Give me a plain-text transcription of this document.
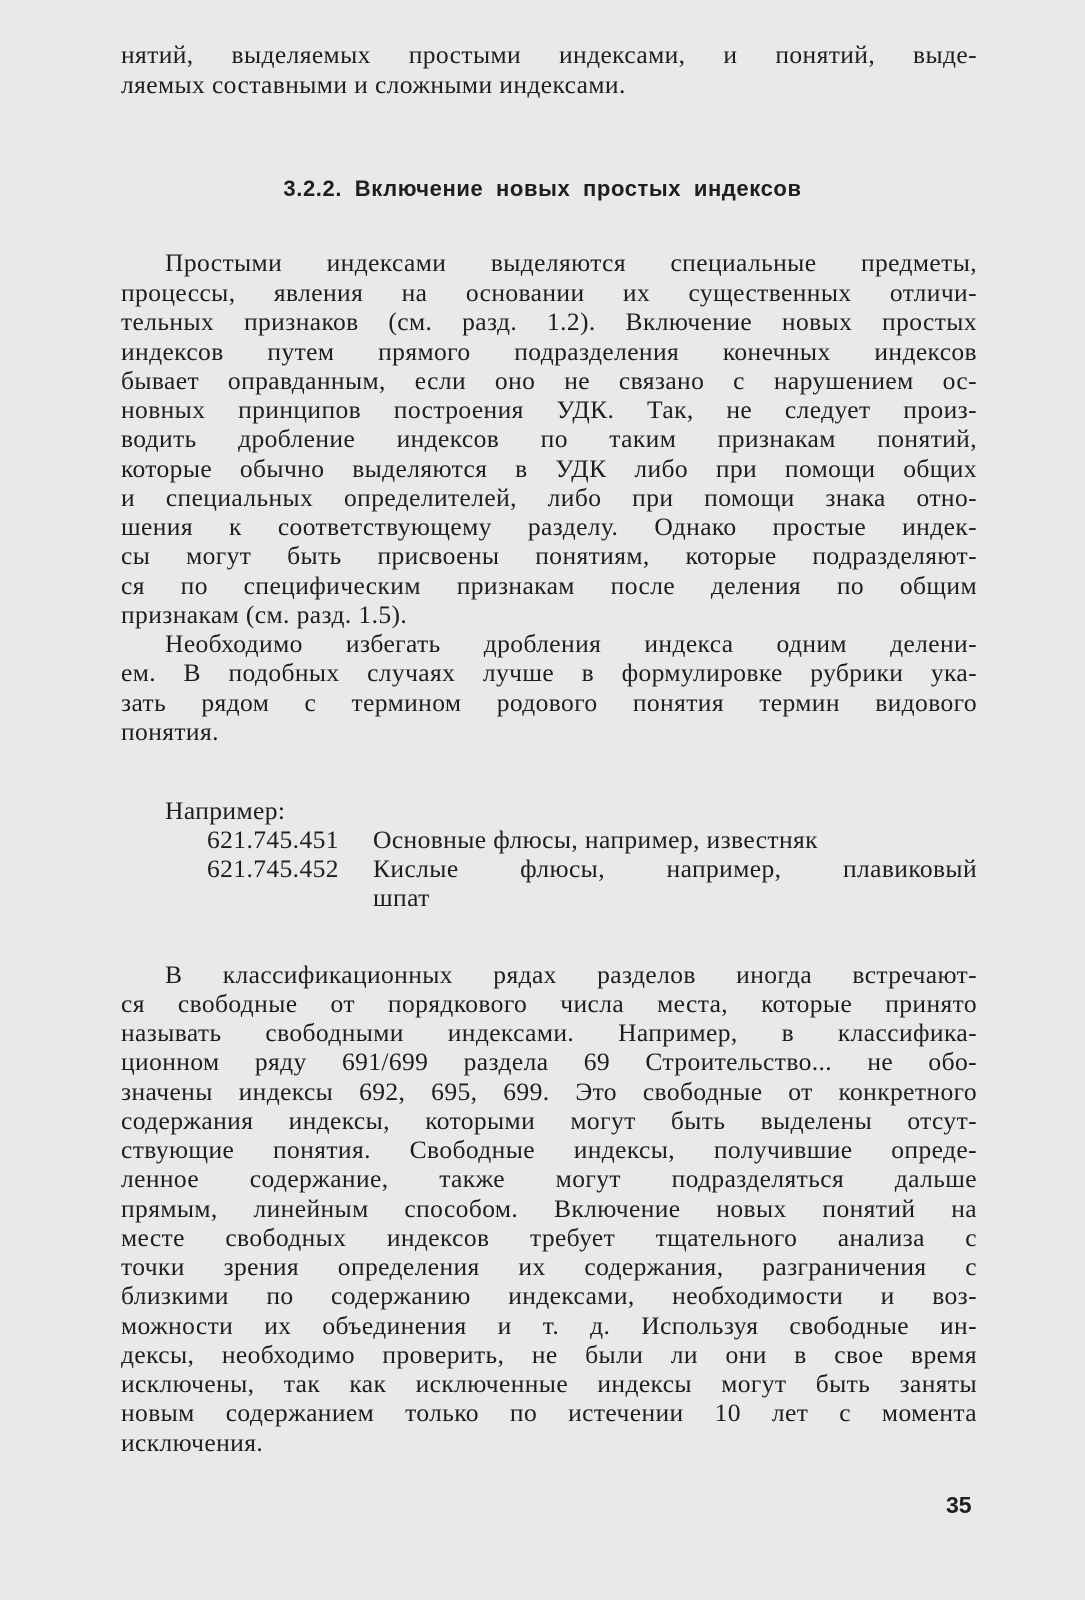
нятий, выделяемых простыми индексами, и понятий, выде-
ляемых составными и сложными индексами.
3.2.2. Включение новых простых индексов
Простыми индексами выделяются специальные предметы,
процессы, явления на основании их существенных отличи-
тельных признаков (см. разд. 1.2). Включение новых простых
индексов путем прямого подразделения конечных индексов
бывает оправданным, если оно не связано с нарушением ос-
новных принципов построения УДК. Так, не следует произ-
водить дробление индексов по таким признакам понятий,
которые обычно выделяются в УДК либо при помощи общих
и специальных определителей, либо при помощи знака отно-
шения к соответствующему разделу. Однако простые индек-
сы могут быть присвоены понятиям, которые подразделяют-
ся по специфическим признакам после деления по общим
признакам (см. разд. 1.5).
Необходимо избегать дробления индекса одним делени-
ем. В подобных случаях лучше в формулировке рубрики ука-
зать рядом с термином родового понятия термин видового
понятия.
Например:
621.745.451 Основные флюсы, например, известняк
621.745.452 Кислые флюсы, например, плавиковый
шпат
В классификационных рядах разделов иногда встречают-
ся свободные от порядкового числа места, которые принято
называть свободными индексами. Например, в классифика-
ционном ряду 691/699 раздела 69 Строительство... не обо-
значены индексы 692, 695, 699. Это свободные от конкретного
содержания индексы, которыми могут быть выделены отсут-
ствующие понятия. Свободные индексы, получившие опреде-
ленное содержание, также могут подразделяться дальше
прямым, линейным способом. Включение новых понятий на
месте свободных индексов требует тщательного анализа с
точки зрения определения их содержания, разграничения с
близкими по содержанию индексами, необходимости и воз-
можности их объединения и т. д. Используя свободные ин-
дексы, необходимо проверить, не были ли они в свое время
исключены, так как исключенные индексы могут быть заняты
новым содержанием только по истечении 10 лет с момента
исключения.
35
